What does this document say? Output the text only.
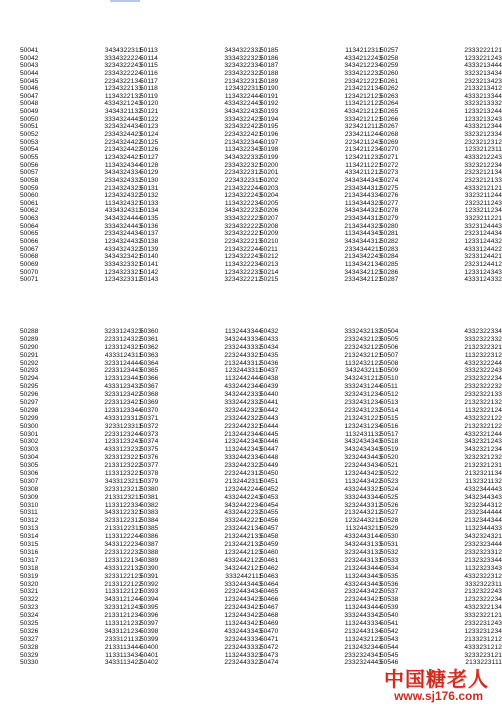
50041	3434322311
50042	3334322224
50043	3234322243
50044	2334322224
50045	2234322134
50046	1234322133
50047	1134322132
50048	4334321243
50049	3434321132
50050	3334324443
50051	3234324434
50052	2334324423
50053	2234324422
50054	2134324422
50055	1234324421
50056	1134324344
50057	3434324334
50058	2334324332
50059	2134324323
50060	1234324322
50061	1134324321
50062	4334324311
50063	3434324444
50064	3334324443
50065	2334324434
50066	1234324432
50067	4334324322
50068	3434323421
50069	3334323321
50070	1234323321
50071	1234323312
50113	3434322332
50114	3334322323
50115	3234322334
50116	2334322322
50117	2134322312
50118	1234322311
50119	1134322444
50120	4334322443
50121	3434322432
50122	3334322423
50123	3234322422
50124	2234322421
50125	2134322344
50126	1134322343
50127	3434322332
50128	2334322321
50129	2234322312
50130	2234322311
50131	2134322244
50132	1234322243
50133	1134322234
50134	3434322232
50135	3334322223
50136	3234322222
50137	3234322221
50138	2234322213
50139	2134322244
50140	1234322243
50141	1134322234
50142	1234322233
50143	3234322212
50185	1134212311
50186	4334212243
50187	3434212234
50188	3334212232
50189	2334212221
50190	2134212134
50191	1234212123
50192	1134212122
50193	4334212121
50194	3334212121
50195	3234212112
50196	2334211244
50197	2234211243
50198	2134211234
50199	1234211232
50200	1134211221
50201	4334211212
50202	3434344343
50203	2334344312
50204	2134344334
50205	1134344323
50206	3434344321
50207	2334344312
50208	2134344323
50209	1134344343
50210	3434344312
50211	2334344211
50212	2134342243
50213	1134342134
50214	3434342123
50215	2334342121
50257	2333222121
50258	1233221243
50259	4333213444
50260	3323213434
50261	2323213423
50262	2133213412
50263	4333213344
50264	3323213332
50265	1233213244
50266	1233213243
50267	4333212344
50268	3323212334
50269	2323212312
50270	1233212311
50271	4333212243
50272	3323212234
50273	2323212134
50274	2323212133
50275	4333212121
50276	3323211244
50277	2323211243
50278	1233211234
50279	3323211221
50280	3323124443
50281	2323124434
50282	1233124432
50283	4333124422
50284	3233124421
50285	2323124412
50286	1233124343
50287	4333124332
50288	3233124323
50289	2233124322
50290	1233124321
50291	4333124311
50292	3233124444
50293	2233123443
50294	1233123441
50295	4333123432
50296	3233123422
50297	2233123421
50298	1233123344
50299	4333123312
50300	3233123311
50301	2233123244
50302	1233123243
50303	4333123232
50304	3233123221
50305	2133123222
50306	1133123221
50307	3433123211
50308	3233123212
50309	2133123211
50310	1133122334
50311	3433122321
50312	3233122312
50313	2133122311
50314	1133122244
50315	3433122234
50316	2233122232
50317	1233122134
50318	4333122132
50319	3233122123
50320	2133122122
50321	1133122121
50322	3433121244
50323	3233121243
50324	2133121234
50325	1133121232
50326	3433121234
50327	2333121132
50328	2133113444
50329	1133113434
50330	3433113422
50360	1132443344
50361	3432443334
50362	2332443332
50363	2232443321
50364	2132443312
50365	1232443311
50366	1132442444
50367	4332442344
50368	3432442333
50369	3332442332
50370	3232442323
50371	2332442322
50372	2232442321
50373	2132442344
50374	1232442343
50375	1132442343
50376	3332442334
50377	2332442322
50378	2232442312
50379	2132442311
50380	1232442244
50381	4332442243
50382	3432442234
50383	4332442232
50384	3332442221
50385	2332442134
50386	2132442133
50387	2132442132
50388	1232442123
50389	4332442122
50390	3432442121
50391	3332442111
50392	3332443443
50393	2232443434
50394	1232443423
50395	2232443421
50396	1232443422
50397	1132443421
50398	4332443343
50399	3232443334
50400	2232443332
50401	1132443323
50402	2232443322
50432	3332432132
50433	2332432123
50434	2232432122
50435	2132432121
50436	1132432122
50437	3432432111
50438	3432431212
50439	3332431244
50440	3232431234
50441	2332431234
50442	2232431232
50443	2132431221
50444	1232431234
50445	1132431132
50446	3432434343
50447	3432434343
50448	3232443443
50449	2232443434
50450	1232443423
50451	1132443422
50452	4332443321
50453	3332443344
50454	3232443312
50455	2132443212
50456	1232443211
50457	1132443211
50458	4332443144
50459	3432443133
50460	3232443132
50461	2232443131
50462	2132443444
50463	1132443443
50464	4332443443
50465	2332443422
50466	2232443421
50467	1132443444
50468	3332443342
50469	1132443334
50470	2132443134
50471	1132432123
50472	2132432344
50473	2332324341
50474	2332324443
50504	4332322334
50505	3332322332
50506	2132322321
50507	1132322312
50508	4332322244
50509	3332322243
50510	2332322234
50511	2332322232
50512	2332322133
50513	2132322132
50514	1132322124
50515	4332322122
50516	2132322122
50517	4332321244
50518	3432321243
50519	3432321234
50520	3232321232
50521	2132321231
50522	2132321134
50523	1132321132
50524	4332344443
50525	3432344343
50526	3232344312
50527	2332344444
50528	2132344344
50529	1132344433
50530	3432324321
50531	2332323444
50532	2332323312
50533	2132323344
50534	1132323343
50535	4332322312
50536	3332322311
50537	2132322243
50538	1232322234
50539	4332322134
50540	3332322121
50541	2332231243
50542	1233231234
50543	2133231212
50544	4333231212
50545	3233223121
50546	2133223111
中国糖老人
www.sj176.com
